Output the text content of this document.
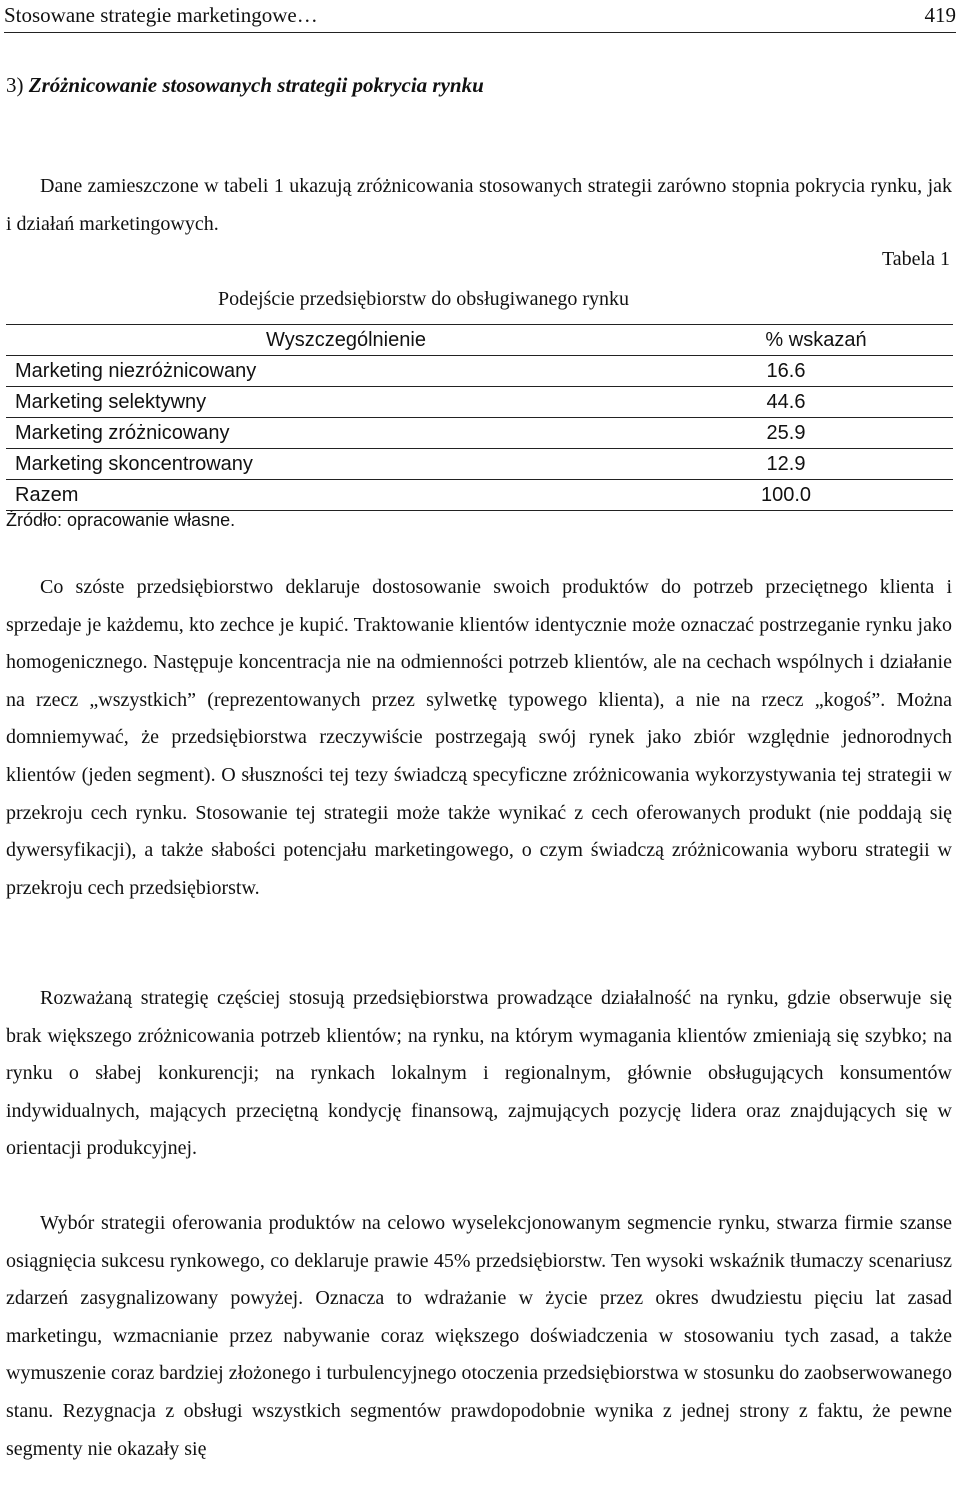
Stosowane strategie marketingowe…	419
3) Zróżnicowanie stosowanych strategii pokrycia rynku

Dane zamieszczone w tabeli 1 ukazują zróżnicowania stosowanych strategii zarówno stopnia pokrycia rynku, jak i działań marketingowych.

Tabela 1
Podejście przedsiębiorstw do obsługiwanego rynku
Wyszczególnienie	% wskazań
Marketing niezróżnicowany	16.6
Marketing selektywny	44.6
Marketing zróżnicowany	25.9
Marketing skoncentrowany	12.9
Razem	100.0
Źródło: opracowanie własne.

Co szóste przedsiębiorstwo deklaruje dostosowanie swoich produktów do potrzeb przeciętnego klienta i sprzedaje je każdemu, kto zechce je kupić. Traktowanie klientów identycznie może oznaczać postrzeganie rynku jako homogenicznego. Następuje koncentracja nie na odmienności potrzeb klientów, ale na cechach wspólnych i działanie na rzecz „wszystkich” (reprezentowanych przez sylwetkę typowego klienta), a nie na rzecz „kogoś”. Można domniemywać, że przedsiębiorstwa rzeczywiście postrzegają swój rynek jako zbiór względnie jednorodnych klientów (jeden segment). O słuszności tej tezy świadczą specyficzne zróżnicowania wykorzystywania tej strategii w przekroju cech rynku. Stosowanie tej strategii może także wynikać z cech oferowanych produkt (nie poddają się dywersyfikacji), a także słabości potencjału marketingowego, o czym świadczą zróżnicowania wyboru strategii w przekroju cech przedsiębiorstw.

Rozważaną strategię częściej stosują przedsiębiorstwa prowadzące działalność na rynku, gdzie obserwuje się brak większego zróżnicowania potrzeb klientów; na rynku, na którym wymagania klientów zmieniają się szybko; na rynku o słabej konkurencji; na rynkach lokalnym i regionalnym, głównie obsługujących konsumentów indywidualnych, mających przeciętną kondycję finansową, zajmujących pozycję lidera oraz znajdujących się w orientacji produkcyjnej.

Wybór strategii oferowania produktów na celowo wyselekcjonowanym segmencie rynku, stwarza firmie szanse osiągnięcia sukcesu rynkowego, co deklaruje prawie 45% przedsiębiorstw. Ten wysoki wskaźnik tłumaczy scenariusz zdarzeń zasygnalizowany powyżej. Oznacza to wdrażanie w życie przez okres dwudziestu pięciu lat zasad marketingu, wzmacnianie przez nabywanie coraz większego doświadczenia w stosowaniu tych zasad, a także wymuszenie coraz bardziej złożonego i turbulencyjnego otoczenia przedsiębiorstwa w stosunku do zaobserwowanego stanu. Rezygnacja z obsługi wszystkich segmentów prawdopodobnie wynika z jednej strony z faktu, że pewne segmenty nie okazały się
